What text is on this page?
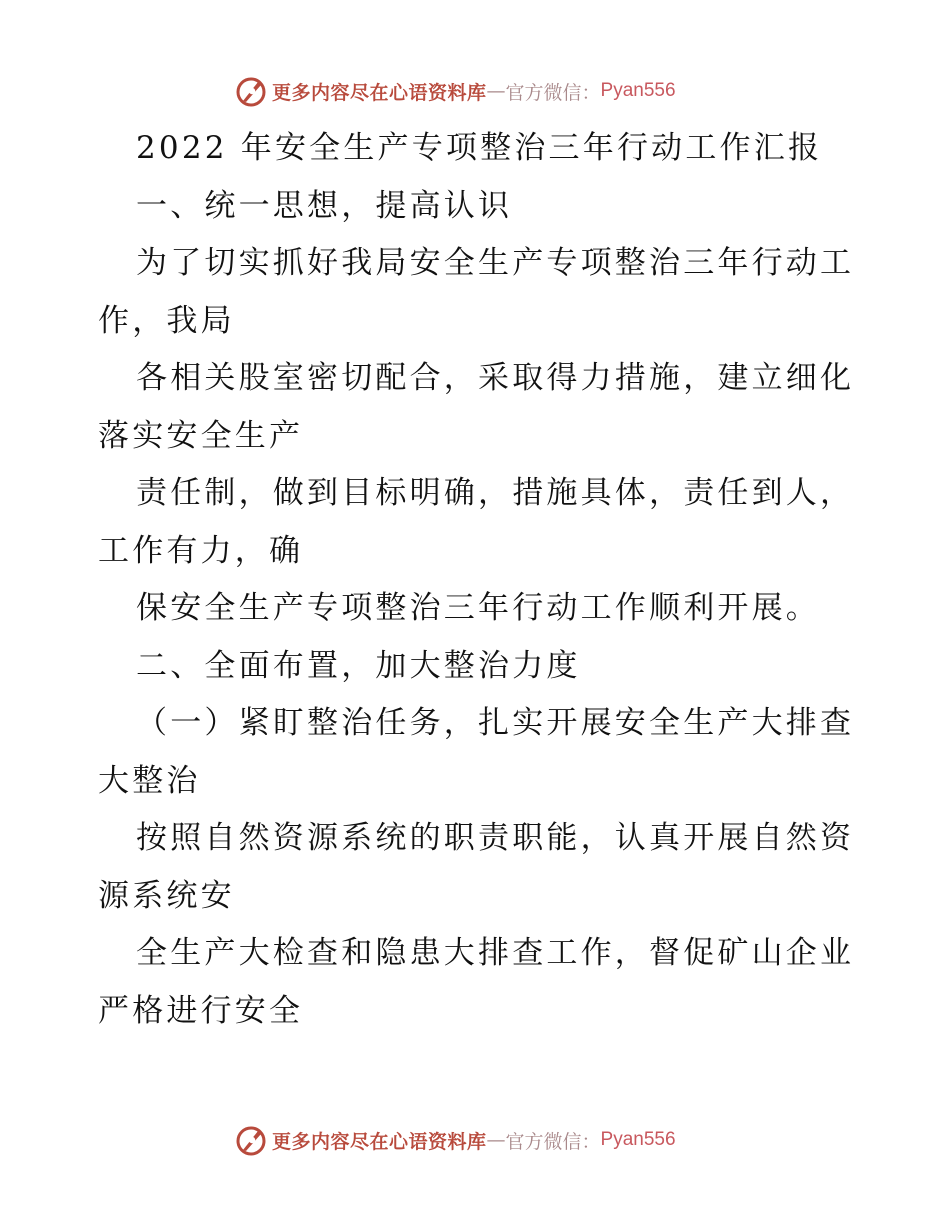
更多内容尽在心语资料库 — 官方微信： Pyan556

2022 年安全生产专项整治三年行动工作汇报

一、统一思想，提高认识

为了切实抓好我局安全生产专项整治三年行动工作，我局

各相关股室密切配合，采取得力措施，建立细化落实安全生产

责任制，做到目标明确，措施具体，责任到人，工作有力，确

保安全生产专项整治三年行动工作顺利开展。

二、全面布置，加大整治力度

（一）紧盯整治任务，扎实开展安全生产大排查大整治

按照自然资源系统的职责职能，认真开展自然资源系统安

全生产大检查和隐患大排查工作，督促矿山企业严格进行安全

更多内容尽在心语资料库 — 官方微信： Pyan556
